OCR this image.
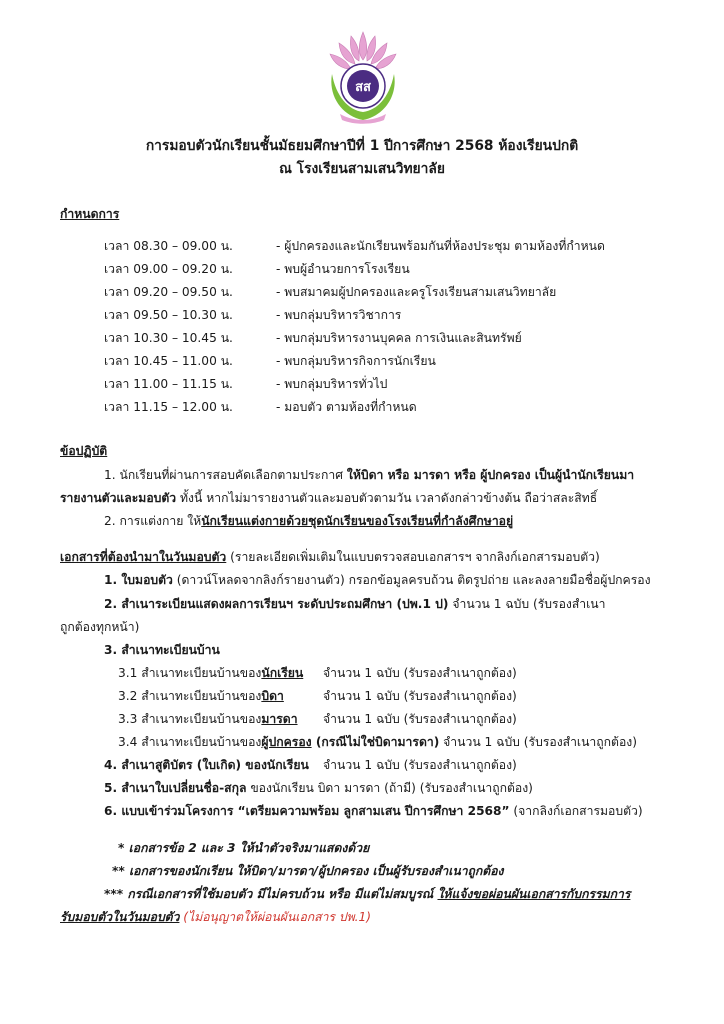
สส
การมอบตัวนักเรียนชั้นมัธยมศึกษาปีที่ 1 ปีการศึกษา 2568 ห้องเรียนปกติ
ณ โรงเรียนสามเสนวิทยาลัย
กำหนดการ
เวลา 08.30 – 09.00 น.	- ผู้ปกครองและนักเรียนพร้อมกันที่ห้องประชุม ตามห้องที่กำหนด
เวลา 09.00 – 09.20 น.	- พบผู้อำนวยการโรงเรียน
เวลา 09.20 – 09.50 น.	- พบสมาคมผู้ปกครองและครูโรงเรียนสามเสนวิทยาลัย
เวลา 09.50 – 10.30 น.	- พบกลุ่มบริหารวิชาการ
เวลา 10.30 – 10.45 น.	- พบกลุ่มบริหารงานบุคคล การเงินและสินทรัพย์
เวลา 10.45 – 11.00 น.	- พบกลุ่มบริหารกิจการนักเรียน
เวลา 11.00 – 11.15 น.	- พบกลุ่มบริหารทั่วไป
เวลา 11.15 – 12.00 น.	- มอบตัว ตามห้องที่กำหนด
ข้อปฏิบัติ
1. นักเรียนที่ผ่านการสอบคัดเลือกตามประกาศ ให้บิดา หรือ มารดา หรือ ผู้ปกครอง เป็นผู้นำนักเรียนมา
รายงานตัวและมอบตัว ทั้งนี้ หากไม่มารายงานตัวและมอบตัวตามวัน เวลาดังกล่าวข้างต้น ถือว่าสละสิทธิ์
2. การแต่งกาย ให้นักเรียนแต่งกายด้วยชุดนักเรียนของโรงเรียนที่กำลังศึกษาอยู่
เอกสารที่ต้องนำมาในวันมอบตัว (รายละเอียดเพิ่มเติมในแบบตรวจสอบเอกสารฯ จากลิงก์เอกสารมอบตัว)
1. ใบมอบตัว (ดาวน์โหลดจากลิงก์รายงานตัว) กรอกข้อมูลครบถ้วน ติดรูปถ่าย และลงลายมือชื่อผู้ปกครอง
2. สำเนาระเบียนแสดงผลการเรียนฯ ระดับประถมศึกษา (ปพ.1 ป) จำนวน 1 ฉบับ (รับรองสำเนา
ถูกต้องทุกหน้า)
3. สำเนาทะเบียนบ้าน
3.1 สำเนาทะเบียนบ้านของนักเรียน จำนวน 1 ฉบับ (รับรองสำเนาถูกต้อง)
3.2 สำเนาทะเบียนบ้านของบิดา	จำนวน 1 ฉบับ (รับรองสำเนาถูกต้อง)
3.3 สำเนาทะเบียนบ้านของมารดา จำนวน 1 ฉบับ (รับรองสำเนาถูกต้อง)
3.4 สำเนาทะเบียนบ้านของผู้ปกครอง (กรณีไม่ใช่บิดามารดา) จำนวน 1 ฉบับ (รับรองสำเนาถูกต้อง)
4. สำเนาสูติบัตร (ใบเกิด) ของนักเรียน จำนวน 1 ฉบับ (รับรองสำเนาถูกต้อง)
5. สำเนาใบเปลี่ยนชื่อ-สกุล ของนักเรียน บิดา มารดา (ถ้ามี) (รับรองสำเนาถูกต้อง)
6. แบบเข้าร่วมโครงการ “เตรียมความพร้อม ลูกสามเสน ปีการศึกษา 2568” (จากลิงก์เอกสารมอบตัว)
* เอกสารข้อ 2 และ 3 ให้นำตัวจริงมาแสดงด้วย
** เอกสารของนักเรียน ให้บิดา/มารดา/ผู้ปกครอง เป็นผู้รับรองสำเนาถูกต้อง
*** กรณีเอกสารที่ใช้มอบตัว มีไม่ครบถ้วน หรือ มีแต่ไม่สมบูรณ์ ให้แจ้งขอผ่อนผันเอกสารกับกรรมการ
รับมอบตัวในวันมอบตัว (ไม่อนุญาตให้ผ่อนผันเอกสาร ปพ.1)
